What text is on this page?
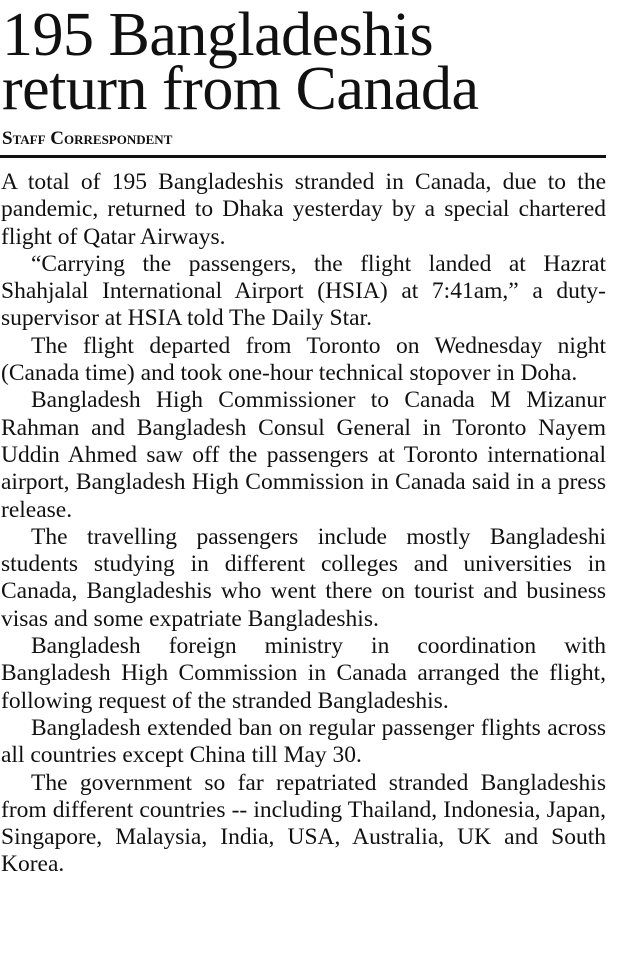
195 Bangladeshis
return from Canada
Staff Correspondent

A total of 195 Bangladeshis stranded in Canada, due to the pandemic, returned to Dhaka yesterday by a special chartered flight of Qatar Airways.

“Carrying the passengers, the flight landed at Hazrat Shahjalal International Airport (HSIA) at 7:41am,” a duty-supervisor at HSIA told The Daily Star.

The flight departed from Toronto on Wednesday night (Canada time) and took one-hour technical stopover in Doha.

Bangladesh High Commissioner to Canada M Mizanur Rahman and Bangladesh Consul General in Toronto Nayem Uddin Ahmed saw off the passengers at Toronto international airport, Bangladesh High Commission in Canada said in a press release.

The travelling passengers include mostly Bangladeshi students studying in different colleges and universities in Canada, Bangladeshis who went there on tourist and business visas and some expatriate Bangladeshis.

Bangladesh foreign ministry in coordination with Bangladesh High Commission in Canada arranged the flight, following request of the stranded Bangladeshis.

Bangladesh extended ban on regular passenger flights across all countries except China till May 30.

The government so far repatriated stranded Bangladeshis from different countries -- including Thailand, Indonesia, Japan, Singapore, Malaysia, India, USA, Australia, UK and South Korea.
